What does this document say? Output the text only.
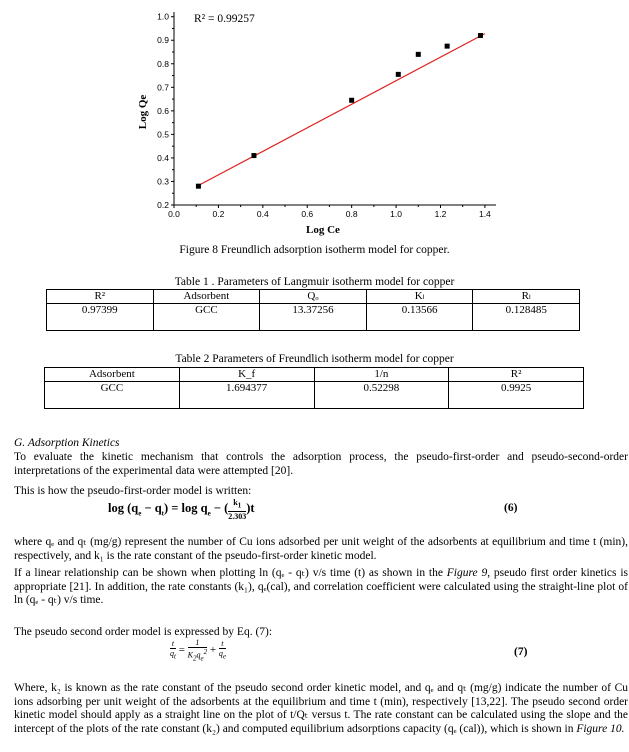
0.0	0.2	0.4	0.6	0.8	1.0	1.2	1.4
0.2
0.3
0.4
0.5
0.6
0.7
0.8
0.9
1.0 R² = 0.99257
Log Ce
Log Qe
Figure 8 Freundlich adsorption isotherm model for copper.
Table 1 . Parameters of Langmuir isotherm model for copper
R²	Adsorbent	Qₒ	Kₗ	Rₗ
0.97399	GCC	13.37256	0.13566	0.128485
Table 2 Parameters of Freundlich isotherm model for copper
Adsorbent	K_f	1/n	R²
GCC	1.694377	0.52298	0.9925
G. Adsorption Kinetics
To evaluate the kinetic mechanism that controls the adsorption process, the pseudo-first-order and pseudo-second-order interpretations of the experimental data were attempted [20].
This is how the pseudo-first-order model is written:
$\log (q_e - q_t) = \log q_e$ − ( $\frac{k_1}{2.303} )t$	(6)
where qₑ and qₜ (mg/g) represent the number of Cu ions adsorbed per unit weight of the adsorbents at equilibrium and time t (min), respectively, and k₁ is the rate constant of the pseudo-first-order kinetic model.
If a linear relationship can be shown when plotting ln (qₑ - qₜ) v/s time (t) as shown in the Figure 9, pseudo first order kinetics is appropriate [21]. In addition, the rate constants (k₁), qₑ(cal), and correlation coefficient were calculated using the straight-line plot of ln (qₑ - qₜ) v/s time.
The pseudo second order model is expressed by Eq. (7):
$\frac{t}{q_t} = \frac{1}{K_2q_e^2} + \frac{t}{q_e}$	(7)
Where, k₂ is known as the rate constant of the pseudo second order kinetic model, and qₑ and qₜ (mg/g) indicate the number of Cu ions adsorbing per unit weight of the adsorbents at the equilibrium and time t (min), respectively [13,22]. The pseudo second order kinetic model should apply as a straight line on the plot of t/Qₜ versus t. The rate constant can be calculated using the slope and the intercept of the plots of the rate constant (k₂) and computed equilibrium adsorptions capacity (qₑ (cal)), which is shown in Figure 10.
